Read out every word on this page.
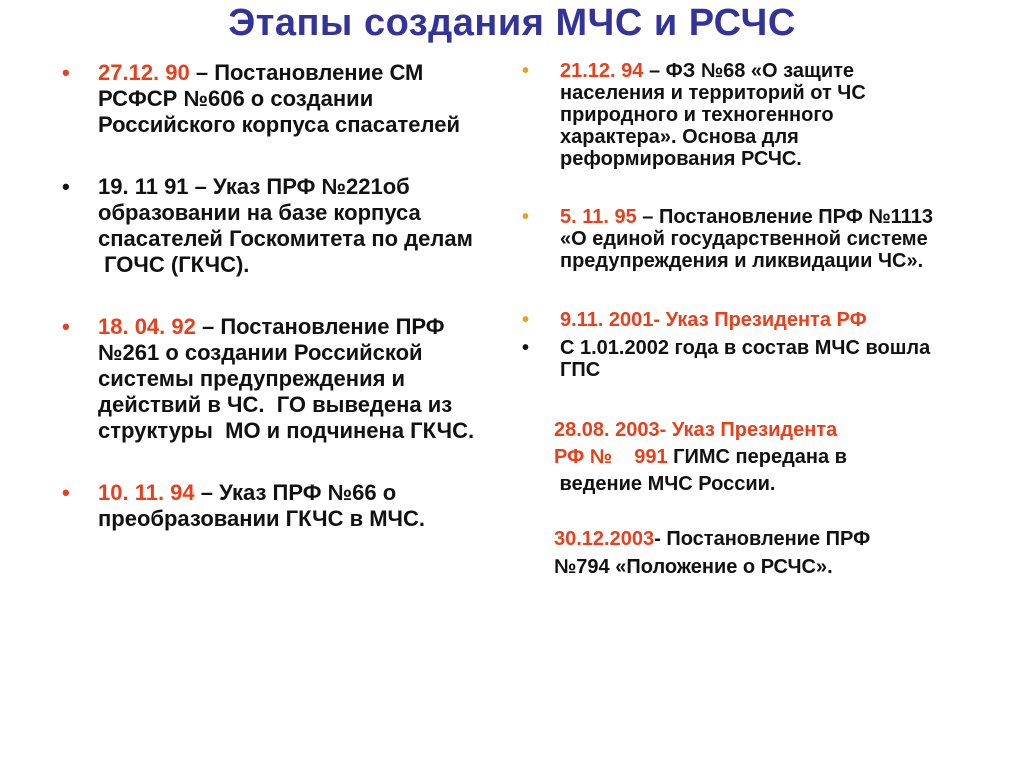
Этапы создания МЧС и РСЧС
• 27.12. 90 – Постановление СМ
РСФСР №606 о создании
Российского корпуса спасателей
• 19. 11 91 – Указ ПРФ №221об
образовании на базе корпуса
спасателей Госкомитета по делам
ГОЧС (ГКЧС).
• 18. 04. 92 – Постановление ПРФ
№261 о создании Российской
системы предупреждения и
действий в ЧС.  ГО выведена из
структуры  МО и подчинена ГКЧС.
• 10. 11. 94 – Указ ПРФ №66 о
преобразовании ГКЧС в МЧС.
• 21.12. 94 – ФЗ №68 «О защите
населения и территорий от ЧС
природного и техногенного
характера». Основа для
реформирования РСЧС.
• 5. 11. 95 – Постановление ПРФ №1113
«О единой государственной системе
предупреждения и ликвидации ЧС».
• 9.11. 2001- Указ Президента РФ
• С 1.01.2002 года в состав МЧС вошла
ГПС
28.08. 2003- Указ Президента
РФ №    991 ГИМС передана в
ведение МЧС России.
30.12.2003- Постановление ПРФ
№794 «Положение о РСЧС».
